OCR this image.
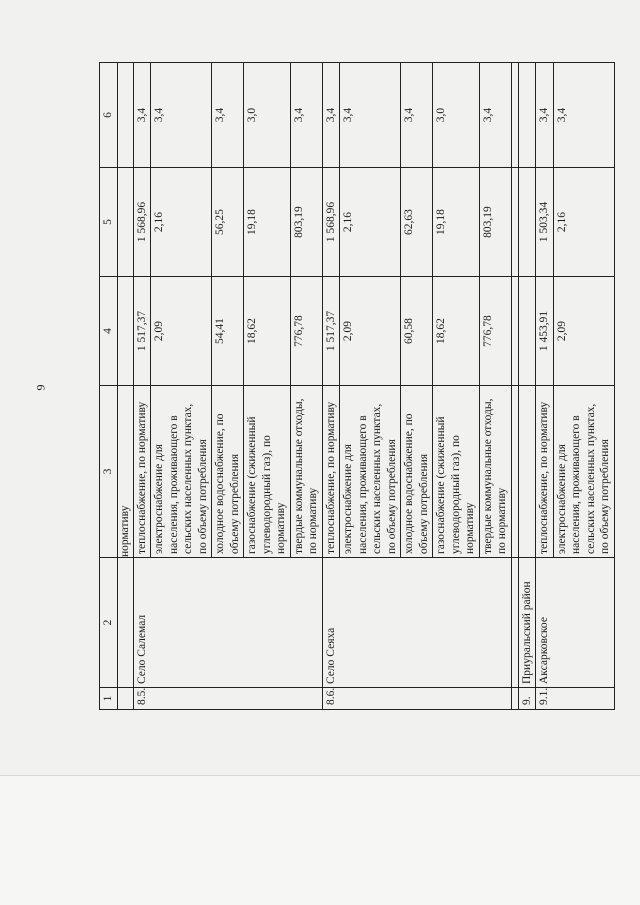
9
1	2	3	4	5	6
		нормативу			
8.5.	Село Салемал	теплоснабжение, по нормативу	1 517,37	1 568,96	3,4
		электроснабжение для населения, проживающего в сельских населенных пунктах, по объему потребления	2,09	2,16	3,4
		холодное водоснабжение, по объему потребления	54,41	56,25	3,4
		газоснабжение (сжиженный углеводородный газ), по нормативу	18,62	19,18	3,0
		твердые коммунальные отходы, по нормативу	776,78	803,19	3,4
8.6.	Село Сеяха	теплоснабжение, по нормативу	1 517,37	1 568,96	3,4
		электроснабжение для населения, проживающего в сельских населенных пунктах, по объему потребления	2,09	2,16	3,4
		холодное водоснабжение, по объему потребления	60,58	62,63	3,4
		газоснабжение (сжиженный углеводородный газ), по нормативу	18,62	19,18	3,0
		твердые коммунальные отходы, по нормативу	776,78	803,19	3,4

9.	Приуральский район				
9.1.	Аксарковское	теплоснабжение, по нормативу	1 453,91	1 503,34	3,4
		электроснабжение для населения, проживающего в сельских населенных пунктах, по объему потребления	2,09	2,16	3,4
